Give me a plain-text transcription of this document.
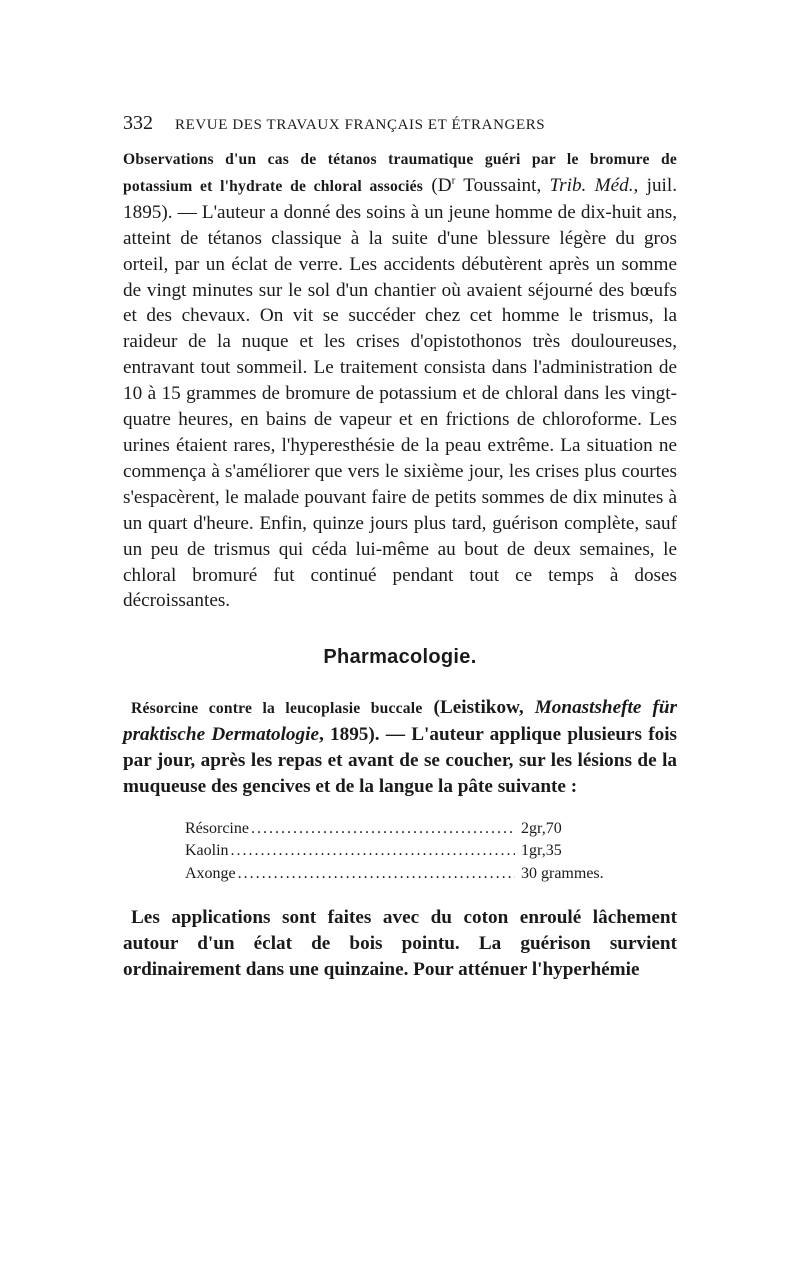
332 REVUE DES TRAVAUX FRANÇAIS ET ÉTRANGERS

Observations d'un cas de tétanos traumatique guéri par le bromure de potassium et l'hydrate de chloral associés ($D^r$ Toussaint, Trib. Méd., juil. 1895). — L'auteur a donné des soins à un jeune homme de dix-huit ans, atteint de tétanos classique à la suite d'une blessure légère du gros orteil, par un éclat de verre. Les accidents débutèrent après un somme de vingt minutes sur le sol d'un chantier où avaient séjourné des bœufs et des chevaux. On vit se succéder chez cet homme le trismus, la raideur de la nuque et les crises d'opistothonos très douloureuses, entravant tout sommeil. Le traitement consista dans l'administration de 10 à 15 grammes de bromure de potassium et de chloral dans les vingt-quatre heures, en bains de vapeur et en frictions de chloroforme. Les urines étaient rares, l'hyperesthésie de la peau extrême. La situation ne commença à s'améliorer que vers le sixième jour, les crises plus courtes s'espacèrent, le malade pouvant faire de petits sommes de dix minutes à un quart d'heure. Enfin, quinze jours plus tard, guérison complète, sauf un peu de trismus qui céda lui-même au bout de deux semaines, le chloral bromuré fut continué pendant tout ce temps à doses décroissantes.

Pharmacologie.

Résorcine contre la leucoplasie buccale (Leistikow, Monastshefte für praktische Dermatologie, 1895). — L'auteur applique plusieurs fois par jour, après les repas et avant de se coucher, sur les lésions de la muqueuse des gencives et de la langue la pâte suivante :

Résorcine .....	2gr,70
Kaolin .....	1gr,35
Axonge .....	30 grammes.

Les applications sont faites avec du coton enroulé lâchement autour d'un éclat de bois pointu. La guérison survient ordinairement dans une quinzaine. Pour atténuer l'hyperhémie
